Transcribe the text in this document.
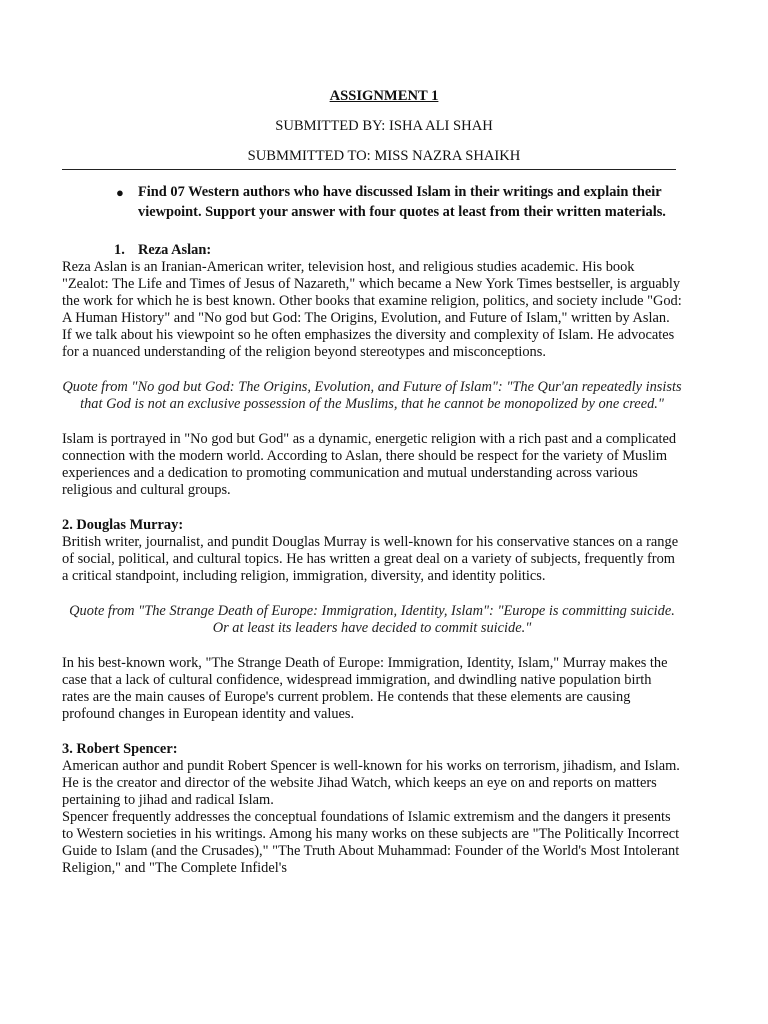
ASSIGNMENT 1
SUBMITTED BY: ISHA ALI SHAH
SUBMMITTED TO: MISS NAZRA SHAIKH
● Find 07 Western authors who have discussed Islam in their writings and explain their viewpoint. Support your answer with four quotes at least from their written materials.
1. Reza Aslan:
Reza Aslan is an Iranian-American writer, television host, and religious studies academic. His book "Zealot: The Life and Times of Jesus of Nazareth," which became a New York Times bestseller, is arguably the work for which he is best known. Other books that examine religion, politics, and society include "God: A Human History" and "No god but God: The Origins, Evolution, and Future of Islam," written by Aslan. If we talk about his viewpoint so he often emphasizes the diversity and complexity of Islam. He advocates for a nuanced understanding of the religion beyond stereotypes and misconceptions.
Quote from "No god but God: The Origins, Evolution, and Future of Islam": "The Qur'an repeatedly insists that God is not an exclusive possession of the Muslims, that he cannot be monopolized by one creed."
Islam is portrayed in "No god but God" as a dynamic, energetic religion with a rich past and a complicated connection with the modern world. According to Aslan, there should be respect for the variety of Muslim experiences and a dedication to promoting communication and mutual understanding across various religious and cultural groups.
2. Douglas Murray:
British writer, journalist, and pundit Douglas Murray is well-known for his conservative stances on a range of social, political, and cultural topics. He has written a great deal on a variety of subjects, frequently from a critical standpoint, including religion, immigration, diversity, and identity politics.
Quote from "The Strange Death of Europe: Immigration, Identity, Islam": "Europe is committing suicide. Or at least its leaders have decided to commit suicide."
In his best-known work, "The Strange Death of Europe: Immigration, Identity, Islam," Murray makes the case that a lack of cultural confidence, widespread immigration, and dwindling native population birth rates are the main causes of Europe's current problem. He contends that these elements are causing profound changes in European identity and values.
3. Robert Spencer:
American author and pundit Robert Spencer is well-known for his works on terrorism, jihadism, and Islam. He is the creator and director of the website Jihad Watch, which keeps an eye on and reports on matters pertaining to jihad and radical Islam.
Spencer frequently addresses the conceptual foundations of Islamic extremism and the dangers it presents to Western societies in his writings. Among his many works on these subjects are "The Politically Incorrect Guide to Islam (and the Crusades)," "The Truth About Muhammad: Founder of the World's Most Intolerant Religion," and "The Complete Infidel's
